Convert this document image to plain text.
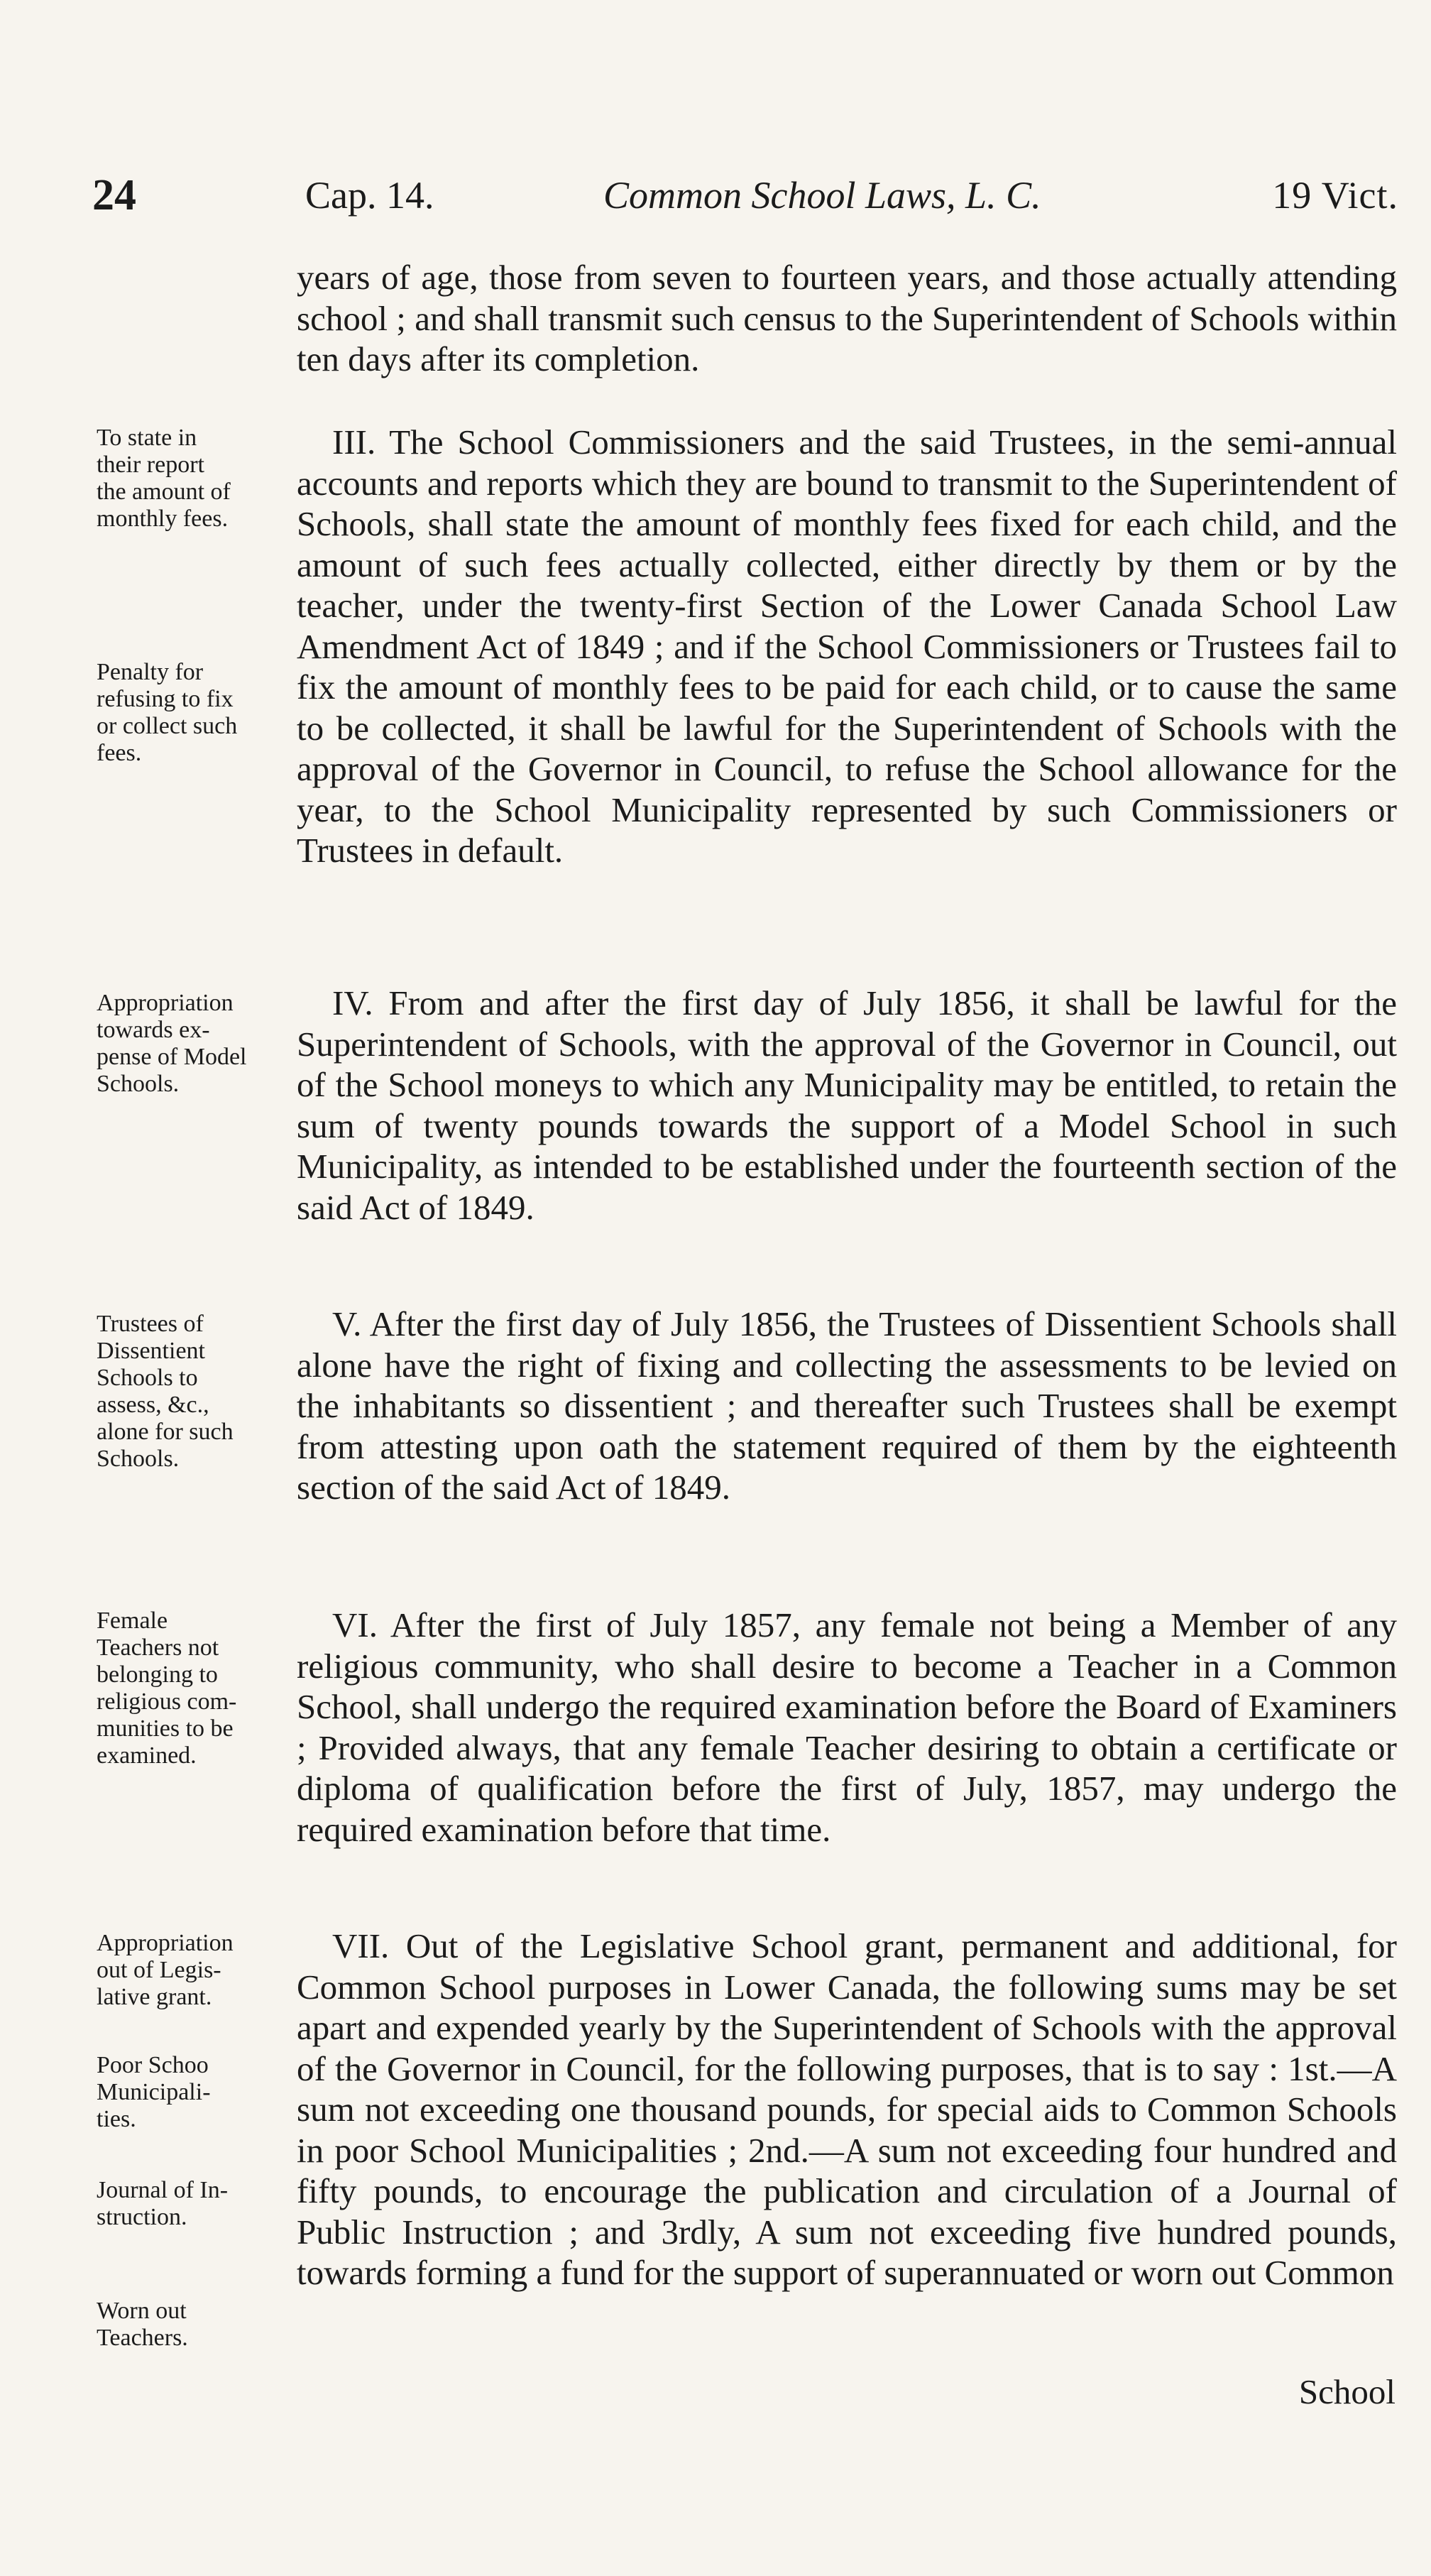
24	Cap. 14.	Common School Laws, L. C.	19 Vict.

years of age, those from seven to fourteen years, and those actually attending school ; and shall transmit such census to the Superintendent of Schools within ten days after its completion.

III. The School Commissioners and the said Trustees, in the semi-annual accounts and reports which they are bound to transmit to the Superintendent of Schools, shall state the amount of monthly fees fixed for each child, and the amount of such fees actually collected, either directly by them or by the teacher, under the twenty-first Section of the Lower Canada School Law Amendment Act of 1849 ; and if the School Commissioners or Trustees fail to fix the amount of monthly fees to be paid for each child, or to cause the same to be collected, it shall be lawful for the Superintendent of Schools with the approval of the Governor in Council, to refuse the School allowance for the year, to the School Municipality represented by such Commissioners or Trustees in default.

IV. From and after the first day of July 1856, it shall be lawful for the Superintendent of Schools, with the approval of the Governor in Council, out of the School moneys to which any Municipality may be entitled, to retain the sum of twenty pounds towards the support of a Model School in such Municipality, as intended to be established under the fourteenth section of the said Act of 1849.

V. After the first day of July 1856, the Trustees of Dissentient Schools shall alone have the right of fixing and collecting the assessments to be levied on the inhabitants so dissentient ; and thereafter such Trustees shall be exempt from attesting upon oath the statement required of them by the eighteenth section of the said Act of 1849.

VI. After the first of July 1857, any female not being a Member of any religious community, who shall desire to become a Teacher in a Common School, shall undergo the required examination before the Board of Examiners ; Provided always, that any female Teacher desiring to obtain a certificate or diploma of qualification before the first of July, 1857, may undergo the required examination before that time.

VII. Out of the Legislative School grant, permanent and additional, for Common School purposes in Lower Canada, the following sums may be set apart and expended yearly by the Superintendent of Schools with the approval of the Governor in Council, for the following purposes, that is to say : 1st.—A sum not exceeding one thousand pounds, for special aids to Common Schools in poor School Municipalities ; 2nd.—A sum not exceeding four hundred and fifty pounds, to encourage the publication and circulation of a Journal of Public Instruction ; and 3rdly, A sum not exceeding five hundred pounds, towards forming a fund for the support of superannuated or worn out Common

School
To state in
their report
the amount of
monthly fees.
Penalty for
refusing to fix
or collect such
fees.
Appropriation
towards ex-
pense of Model
Schools.
Trustees of
Dissentient
Schools to
assess, &c.,
alone for such
Schools.
Female
Teachers not
belonging to
religious com-
munities to be
examined.
Appropriation
out of Legis-
lative grant.
Poor Schoo
Municipali-
ties.
Journal of In-
struction.
Worn out
Teachers.
